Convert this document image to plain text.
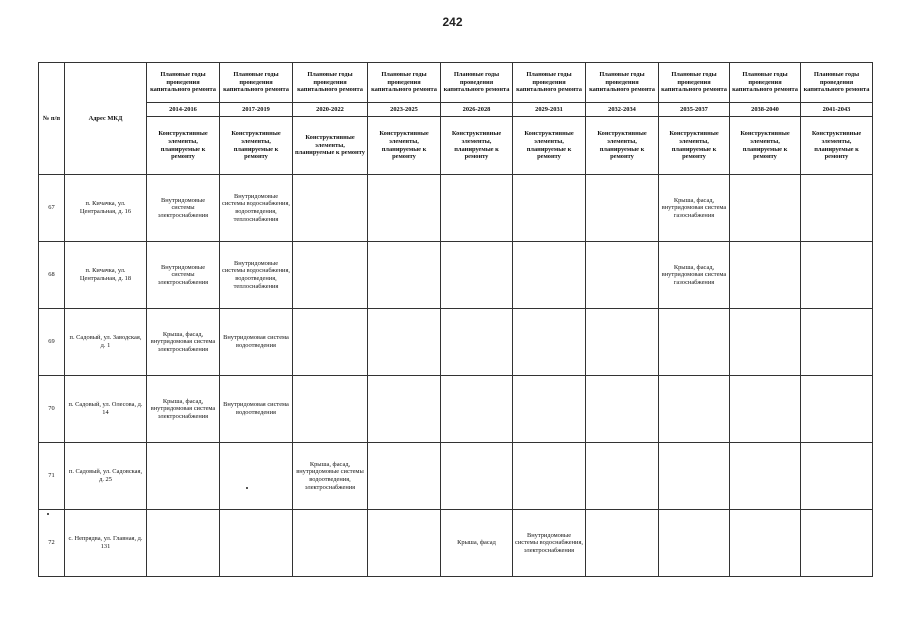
242
№ п/п	Адрес МКД	Плановые годы проведения капитального ремонта	Плановые годы проведения капитального ремонта	Плановые годы проведения капитального ремонта	Плановые годы проведения капитального ремонта	Плановые годы проведения капитального ремонта	Плановые годы проведения капитального ремонта	Плановые годы проведения капитального ремонта	Плановые годы проведения капитального ремонта	Плановые годы проведения капитального ремонта	Плановые годы проведения капитального ремонта
		2014-2016	2017-2019	2020-2022	2023-2025	2026-2028	2029-2031	2032-2034	2035-2037	2038-2040	2041-2043
		Конструктивные элементы, планируемые к ремонту	Конструктивные элементы, планируемые к ремонту	Конструктивные элементы, планируемые к ремонту	Конструктивные элементы, планируемые к ремонту	Конструктивные элементы, планируемые к ремонту	Конструктивные элементы, планируемые к ремонту	Конструктивные элементы, планируемые к ремонту	Конструктивные элементы, планируемые к ремонту	Конструктивные элементы, планируемые к ремонту	Конструктивные элементы, планируемые к ремонту
67	п. Кичачка, ул. Центральная, д. 16	Внутридомовые системы электроснабжения	Внутридомовые системы водоснабжения, водоотведения, теплоснабжения						Крыша, фасад, внутридомовая система газоснабжения		
68	п. Кичачка, ул. Центральная, д. 18	Внутридомовые системы электроснабжения	Внутридомовые системы водоснабжения, водоотведения, теплоснабжения						Крыша, фасад, внутридомовая система газоснабжения		
69	п. Садовый, ул. Заводская, д. 1	Крыша, фасад, внутридомовая система электроснабжения	Внутридомовая система водоотведения								
70	п. Садовый, ул. Олесова, д. 14	Крыша, фасад, внутридомовая система электроснабжения	Внутридомовая система водоотведения								
71	п. Садовый, ул. Садовская, д. 25			Крыша, фасад, внутридомовые системы водоотведения, электроснабжения							
72	с. Непрядва, ул. Главная, д. 131					Крыша, фасад	Внутридомовые системы водоснабжения, электроснабжения				
